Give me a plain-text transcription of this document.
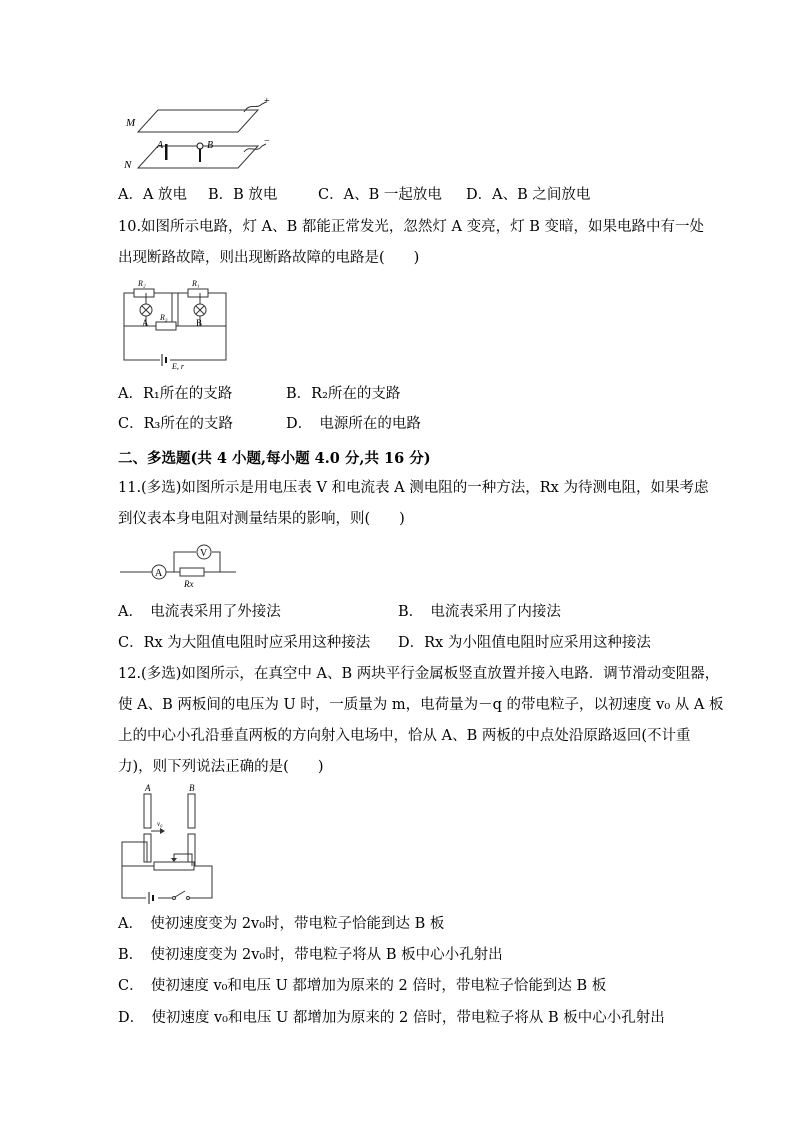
M
N
A	B
+
−
A．A 放电 B．B 放电	C．A、B 一起放电 D．A、B 之间放电
10.如图所示电路，灯 A、B 都能正常发光，忽然灯 A 变亮，灯 B 变暗，如果电路中有一处
出现断路故障，则出现断路故障的电路是(　　)
R₂	R₁
R₃
A	B
E, r
A．R₁所在的支路	B．R₂所在的支路
C．R₃所在的支路	D．　电源所在的电路
二、多选题(共 4 小题,每小题 4.0 分,共 16 分)
11.(多选)如图所示是用电压表 V 和电流表 A 测电阻的一种方法，Rx 为待测电阻，如果考虑
到仪表本身电阻对测量结果的影响，则(　　)
A
V
Rx
A．　电流表采用了外接法	B．　电流表采用了内接法
C．Rx 为大阻值电阻时应采用这种接法 D．Rx 为小阻值电阻时应采用这种接法
12.(多选)如图所示，在真空中 A、B 两块平行金属板竖直放置并接入电路．调节滑动变阻器，
使 A、B 两板间的电压为 U 时，一质量为 m，电荷量为－q 的带电粒子，以初速度 v₀ 从 A 板
上的中心小孔沿垂直两板的方向射入电场中，恰从 A、B 两板的中点处沿原路返回(不计重
力)，则下列说法正确的是(　　)
A	B
v₀
A．　使初速度变为 2v₀时，带电粒子恰能到达 B 板
B．　使初速度变为 2v₀时，带电粒子将从 B 板中心小孔射出
C．　使初速度 v₀和电压 U 都增加为原来的 2 倍时，带电粒子恰能到达 B 板
D．　使初速度 v₀和电压 U 都增加为原来的 2 倍时，带电粒子将从 B 板中心小孔射出
